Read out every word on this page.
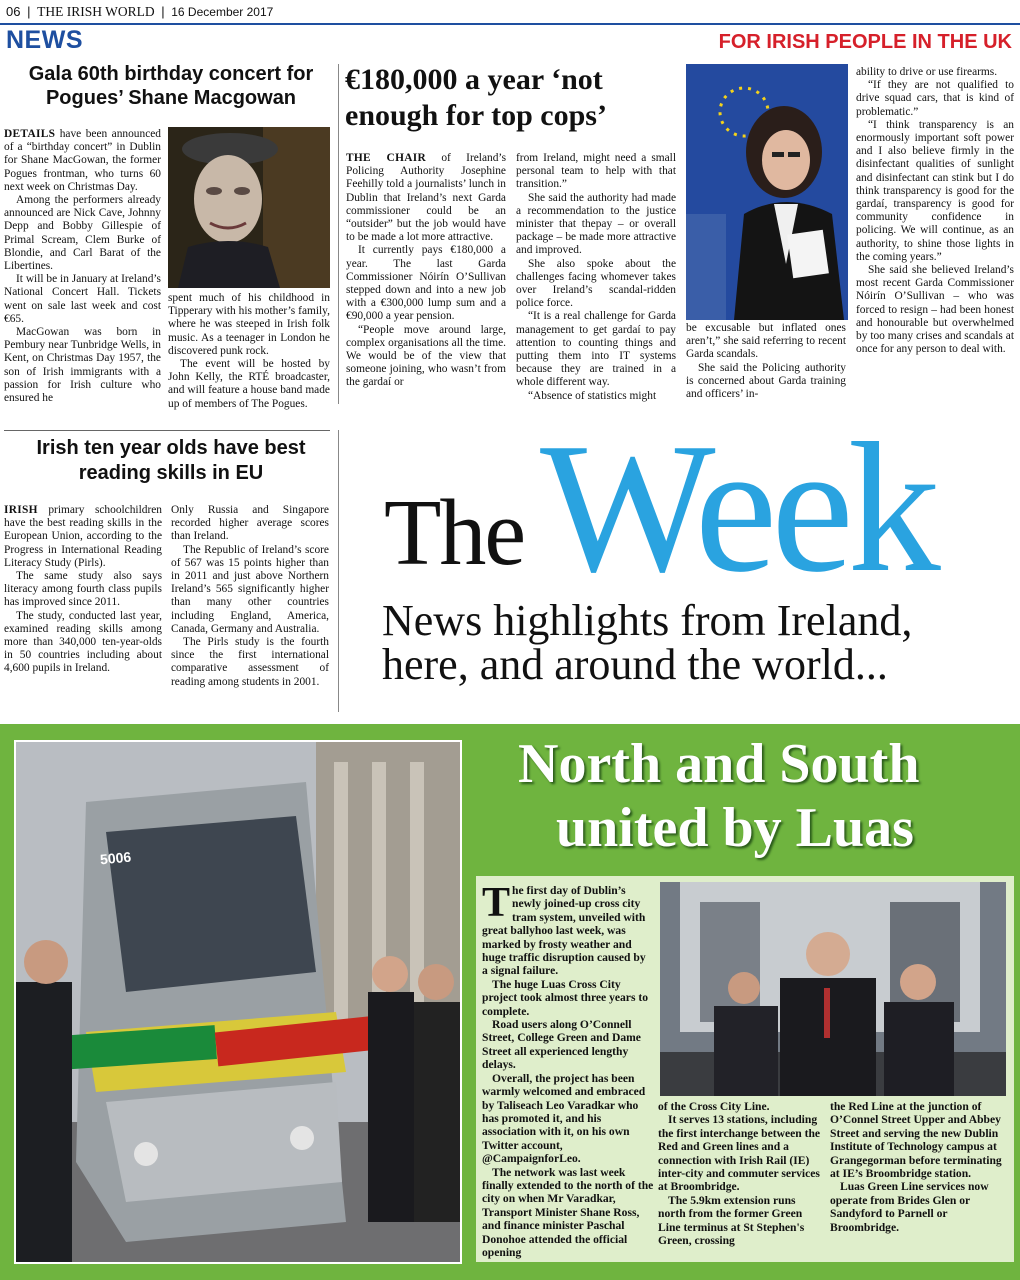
06 | THE IRISH WORLD | 16 December 2017
NEWS	FOR IRISH PEOPLE IN THE UK
Gala 60th birthday concert for Pogues’ Shane Macgowan

DETAILS have been announced of a “birthday concert” in Dublin for Shane MacGowan, the former Pogues frontman, who turns 60 next week on Christmas Day.

Among the performers already announced are Nick Cave, Johnny Depp and Bobby Gillespie of Primal Scream, Clem Burke of Blondie, and Carl Barat of the Libertines.

It will be in January at Ireland’s National Concert Hall. Tickets went on sale last week and cost €65.

MacGowan was born in Pembury near Tunbridge Wells, in Kent, on Christmas Day 1957, the son of Irish immigrants with a passion for Irish culture who ensured he

spent much of his childhood in Tipperary with his mother’s family, where he was steeped in Irish folk music. As a teenager in London he discovered punk rock.

The event will be hosted by John Kelly, the RTÉ broadcaster, and will feature a house band made up of members of The Pogues.

€180,000 a year ‘not enough for top cops’

THE CHAIR of Ireland’s Policing Authority Josephine Feehilly told a journalists’ lunch in Dublin that Ireland’s next Garda commissioner could be an “outsider” but the job would have to be made a lot more attractive.

It currently pays €180,000 a year. The last Garda Commissioner Nóirín O’Sullivan stepped down and into a new job with a €300,000 lump sum and a €90,000 a year pension.

“People move around large, complex organisations all the time. We would be of the view that someone joining, who wasn’t from the gardaí or

from Ireland, might need a small personal team to help with that transition.”

She said the authority had made a recommendation to the justice minister that thepay – or overall package – be made more attractive and improved.

She also spoke about the challenges facing whomever takes over Ireland’s scandal-ridden police force.

“It is a real challenge for Garda management to get gardaí to pay attention to counting things and putting them into IT systems because they are trained in a whole different way.

“Absence of statistics might

be excusable but inflated ones aren’t,” she said referring to recent Garda scandals.

She said the Policing authority is concerned about Garda training and officers’ in-

ability to drive or use firearms.

“If they are not qualified to drive squad cars, that is kind of problematic.”

“I think transparency is an enormously important soft power and I also believe firmly in the disinfectant qualities of sunlight and disinfectant can stink but I do think transparency is good for the gardaí, transparency is good for community confidence in policing. We will continue, as an authority, to shine those lights in the coming years.”

She said she believed Ireland’s most recent Garda Commissioner Nóirín O’Sullivan – who was forced to resign – had been honest and honourable but overwhelmed by too many crises and scandals at once for any person to deal with.

Irish ten year olds have best reading skills in EU

IRISH primary schoolchildren have the best reading skills in the European Union, according to the Progress in International Reading Literacy Study (Pirls).

The same study also says literacy among fourth class pupils has improved since 2011.

The study, conducted last year, examined reading skills among more than 340,000 ten-year-olds in 50 countries including about 4,600 pupils in Ireland.

Only Russia and Singapore recorded higher average scores than Ireland.

The Republic of Ireland’s score of 567 was 15 points higher than in 2011 and just above Northern Ireland’s 565 significantly higher than many other countries including England, America, Canada, Germany and Australia.

The Pirls study is the fourth since the first international comparative assessment of reading among students in 2001.

The Week
News highlights from Ireland,
here, and around the world...
5006
North and South
united by Luas

The first day of Dublin’s newly joined-up cross city tram system, unveiled with great ballyhoo last week, was marked by frosty weather and huge traffic disruption caused by a signal failure.

The huge Luas Cross City project took almost three years to complete.

Road users along O’Connell Street, College Green and Dame Street all experienced lengthy delays.

Overall, the project has been warmly welcomed and embraced by Taliseach Leo Varadkar who has promoted it, and his association with it, on his own Twitter account, @CampaignforLeo.

The network was last week finally extended to the north of the city on when Mr Varadkar, Transport Minister Shane Ross, and finance minister Paschal Donohoe attended the official opening

of the Cross City Line.

It serves 13 stations, including the first interchange between the Red and Green lines and a connection with Irish Rail (IE) inter-city and commuter services at Broombridge.

The 5.9km extension runs north from the former Green Line terminus at St Stephen's Green, crossing

the Red Line at the junction of O’Connel Street Upper and Abbey Street and serving the new Dublin Institute of Technology campus at Grangegorman before terminating at IE’s Broombridge station.

Luas Green Line services now operate from Brides Glen or Sandyford to Parnell or Broombridge.
